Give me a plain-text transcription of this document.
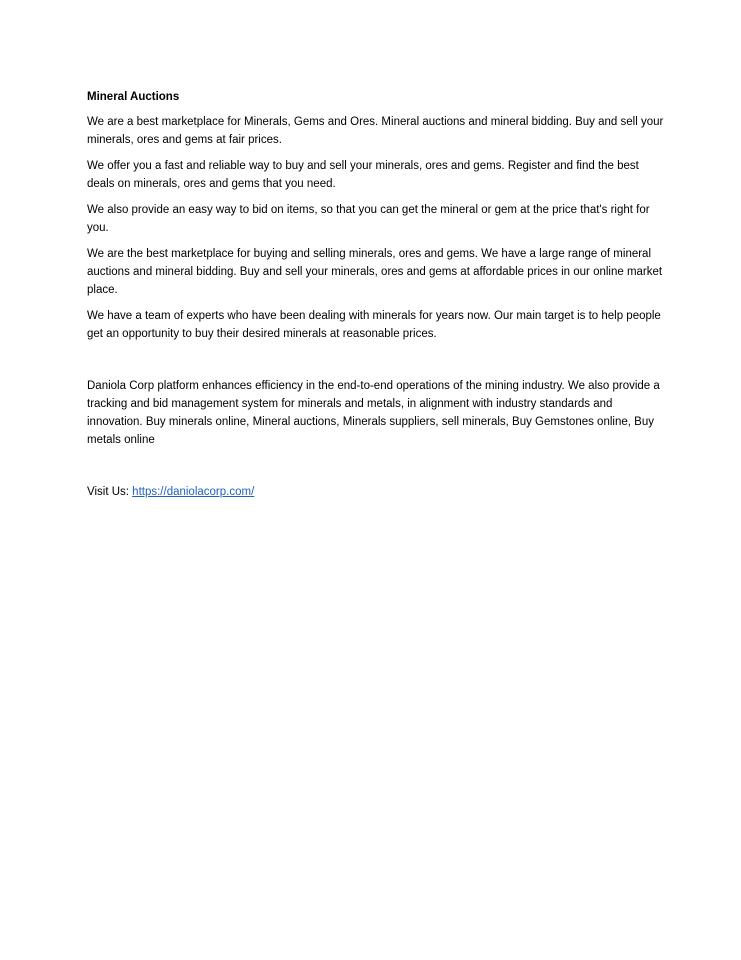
Mineral Auctions

We are a best marketplace for Minerals, Gems and Ores. Mineral auctions and mineral bidding. Buy and sell your minerals, ores and gems at fair prices.

We offer you a fast and reliable way to buy and sell your minerals, ores and gems. Register and find the best deals on minerals, ores and gems that you need.

We also provide an easy way to bid on items, so that you can get the mineral or gem at the price that's right for you.

We are the best marketplace for buying and selling minerals, ores and gems. We have a large range of mineral auctions and mineral bidding. Buy and sell your minerals, ores and gems at affordable prices in our online market place.

We have a team of experts who have been dealing with minerals for years now. Our main target is to help people get an opportunity to buy their desired minerals at reasonable prices.

Daniola Corp platform enhances efficiency in the end-to-end operations of the mining industry. We also provide a tracking and bid management system for minerals and metals, in alignment with industry standards and innovation. Buy minerals online, Mineral auctions, Minerals suppliers, sell minerals, Buy Gemstones online, Buy metals online

Visit Us: https://daniolacorp.com/
